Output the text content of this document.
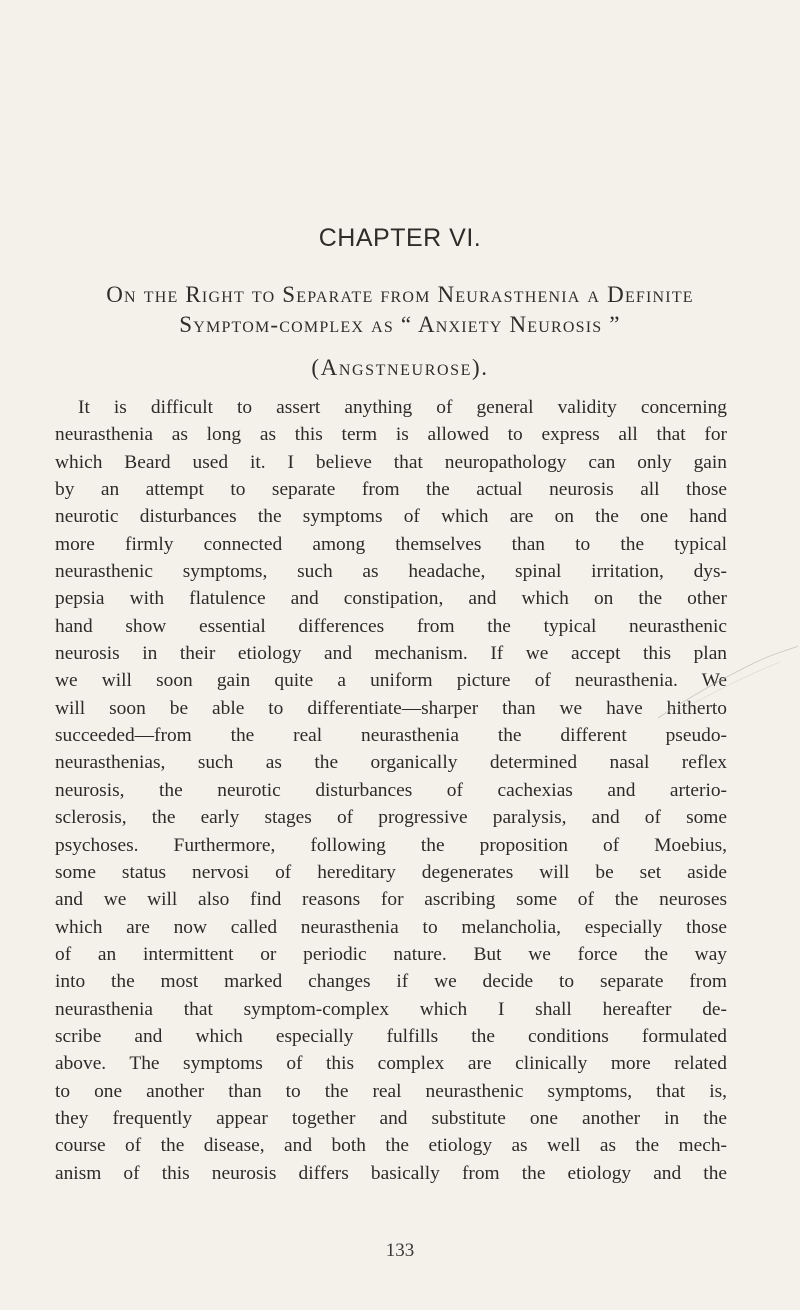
CHAPTER VI.
On the Right to Separate from Neurasthenia a Definite
Symptom-complex as “ Anxiety Neurosis ”
(Angstneurose).
It is difficult to assert anything of general validity concerning
neurasthenia as long as this term is allowed to express all that for
which Beard used it. I believe that neuropathology can only gain
by an attempt to separate from the actual neurosis all those
neurotic disturbances the symptoms of which are on the one hand
more firmly connected among themselves than to the typical
neurasthenic symptoms, such as headache, spinal irritation, dys-
pepsia with flatulence and constipation, and which on the other
hand show essential differences from the typical neurasthenic
neurosis in their etiology and mechanism. If we accept this plan
we will soon gain quite a uniform picture of neurasthenia. We
will soon be able to differentiate—sharper than we have hitherto
succeeded—from the real neurasthenia the different pseudo-
neurasthenias, such as the organically determined nasal reflex
neurosis, the neurotic disturbances of cachexias and arterio-
sclerosis, the early stages of progressive paralysis, and of some
psychoses. Furthermore, following the proposition of Moebius,
some status nervosi of hereditary degenerates will be set aside
and we will also find reasons for ascribing some of the neuroses
which are now called neurasthenia to melancholia, especially those
of an intermittent or periodic nature. But we force the way
into the most marked changes if we decide to separate from
neurasthenia that symptom-complex which I shall hereafter de-
scribe and which especially fulfills the conditions formulated
above. The symptoms of this complex are clinically more related
to one another than to the real neurasthenic symptoms, that is,
they frequently appear together and substitute one another in the
course of the disease, and both the etiology as well as the mech-
anism of this neurosis differs basically from the etiology and the
133
